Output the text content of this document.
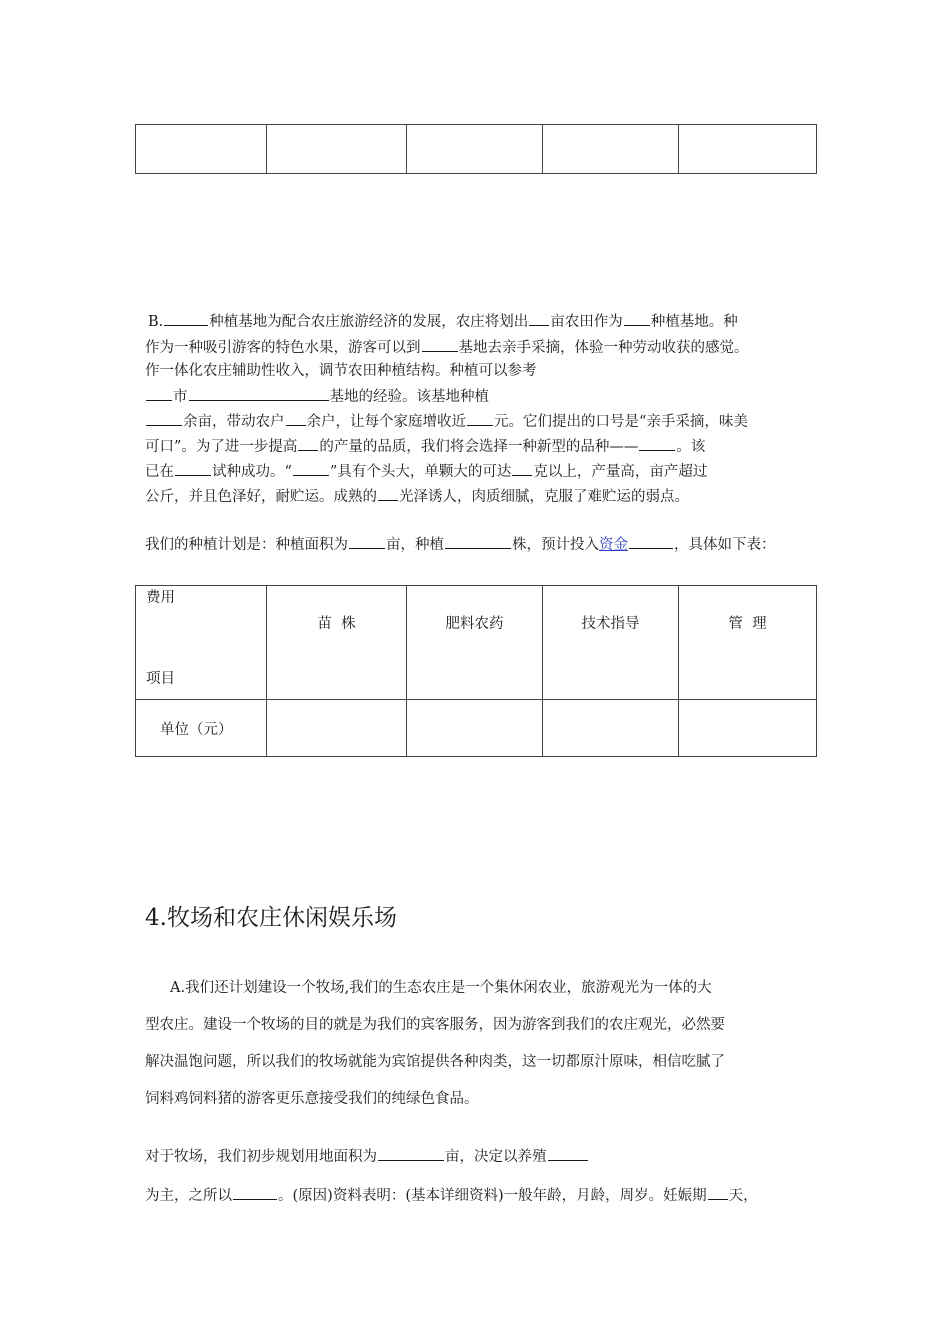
B.	种植基地为配合农庄旅游经济的发展，农庄将划出 亩农田作为 种植基地。种
作为一种吸引游客的特色水果，游客可以到	基地去亲手采摘，体验一种劳动收获的感觉。
作一体化农庄辅助性收入，调节农田种植结构。种植可以参考
市	基地的经验。该基地种植
余亩，带动农户 余户，让每个家庭增收近 元。它们提出的口号是“亲手采摘，味美
可口”。为了进一步提高 的产量的品质，我们将会选择一种新型的品种——	。该
已在	试种成功。“	”具有个头大，单颗大的可达 克以上，产量高，亩产超过
公斤，并且色泽好，耐贮运。成熟的 光泽诱人，肉质细腻，克服了难贮运的弱点。
我们的种植计划是：种植面积为	亩，种植	株，预计投入资金	，具体如下表：
费用
项目	苗  株	肥料农药	技术指导	管  理
单位（元）				
4.牧场和农庄休闲娱乐场
A.我们还计划建设一个牧场,我们的生态农庄是一个集休闲农业，旅游观光为一体的大
型农庄。建设一个牧场的目的就是为我们的宾客服务，因为游客到我们的农庄观光，必然要
解决温饱问题，所以我们的牧场就能为宾馆提供各种肉类，这一切都原汁原味，相信吃腻了
饲料鸡饲料猪的游客更乐意接受我们的纯绿色食品。
对于牧场，我们初步规划用地面积为	亩，决定以养殖
为主，之所以	。(原因)资料表明：(基本详细资料)一般年龄，月龄，周岁。妊娠期 天，
